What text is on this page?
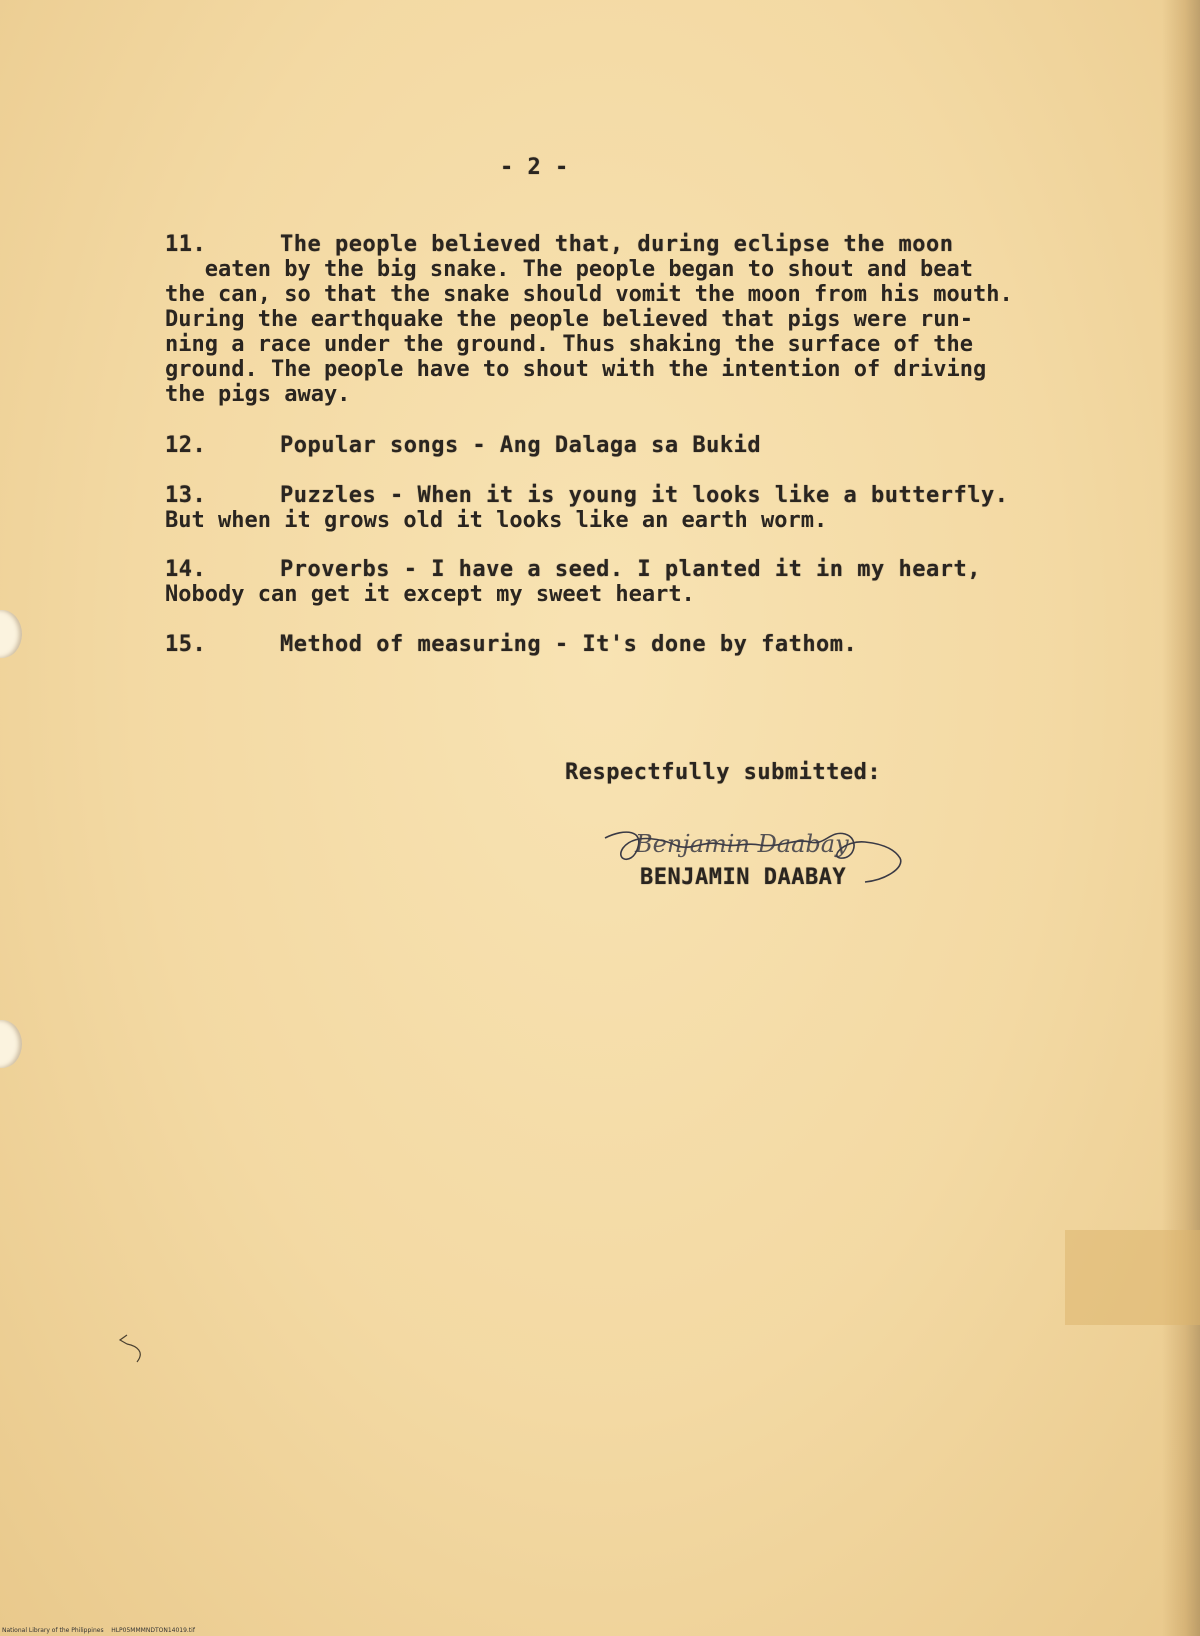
- 2 -
11.	The people believed that, during eclipse the moon
eaten by the big snake. The people began to shout and beat
the can, so that the snake should vomit the moon from his mouth.
During the earthquake the people believed that pigs were run-
ning a race under the ground. Thus shaking the surface of the
ground. The people have to shout with the intention of driving
the pigs away.
12.	Popular songs - Ang Dalaga sa Bukid
13.	Puzzles - When it is young it looks like a butterfly.
But when it grows old it looks like an earth worm.
14.	Proverbs - I have a seed. I planted it in my heart,
Nobody can get it except my sweet heart.
15.	Method of measuring - It's done by fathom.
Respectfully submitted:
Benjamin Daabay
BENJAMIN DAABAY
National Library of the Philippines    HLP05MMMNDTON14019.tif
